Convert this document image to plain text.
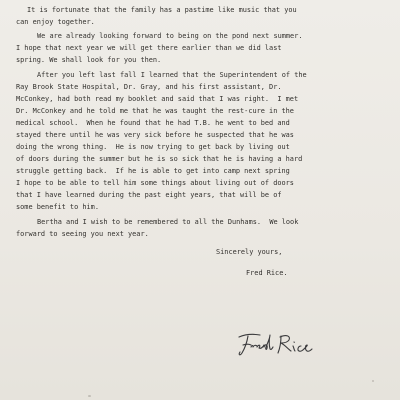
It is fortunate that the family has a pastime like music that you

can enjoy together.

We are already looking forward to being on the pond next summer.

I hope that next year we will get there earlier than we did last

spring. We shall look for you then.

After you left last fall I learned that the Superintendent of the

Ray Brook State Hospital, Dr. Gray, and his first assistant, Dr.

McConkey, had both read my booklet and said that I was right.  I met

Dr. McConkey and he told me that he was taught the rest-cure in the

medical school.  When he found that he had T.B. he went to bed and

stayed there until he was very sick before he suspected that he was

doing the wrong thing.  He is now trying to get back by living out

of doors during the summer but he is so sick that he is having a hard

struggle getting back.  If he is able to get into camp next spring

I hope to be able to tell him some things about living out of doors

that I have learned during the past eight years, that will be of

some benefit to him.

Bertha and I wish to be remembered to all the Dunhams.  We look

forward to seeing you next year.

Sincerely yours,

Fred Rice.
